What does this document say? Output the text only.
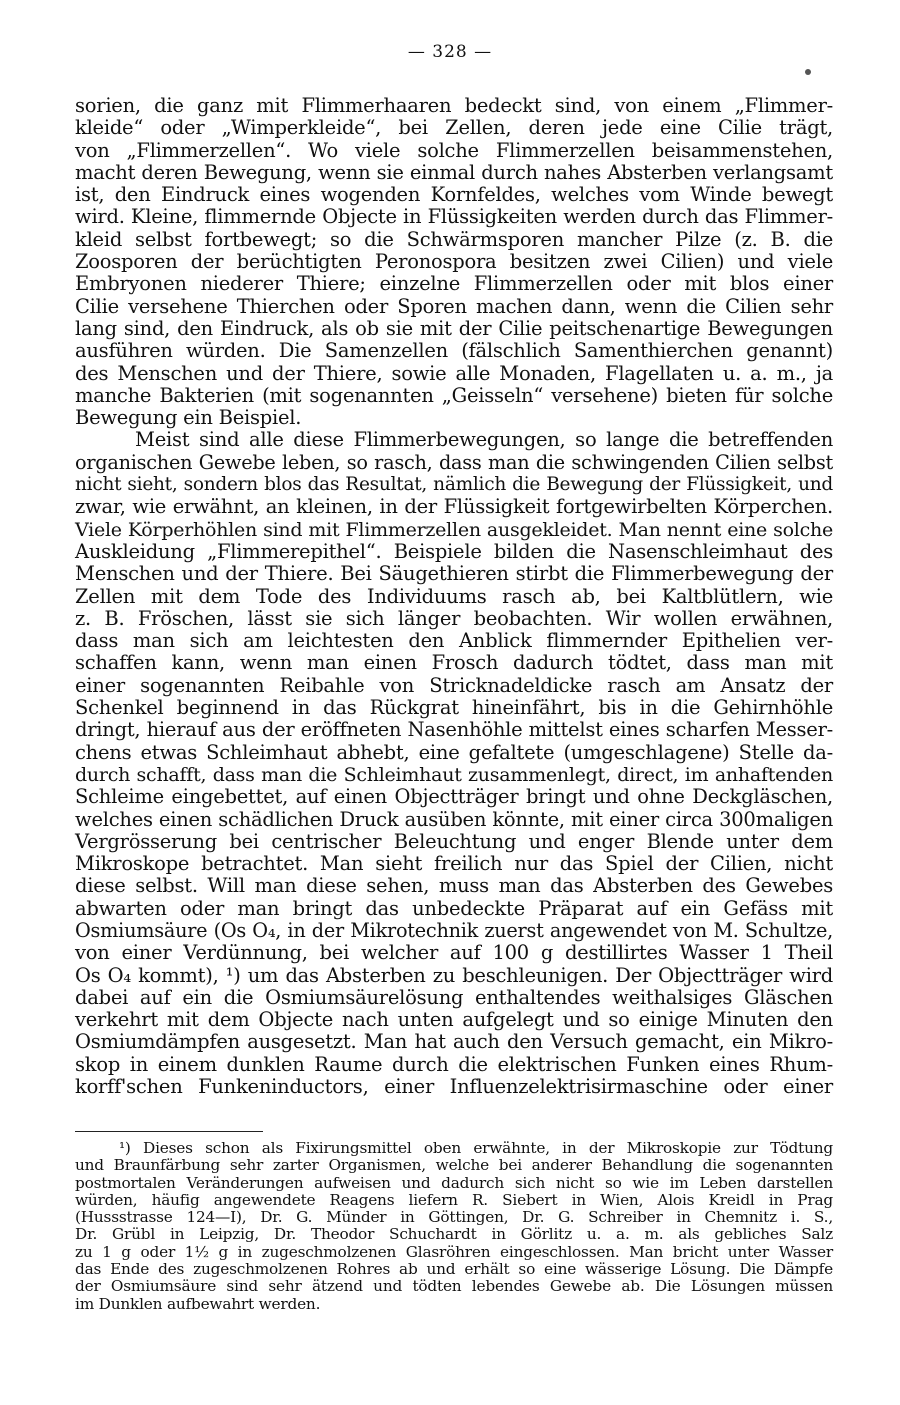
— 328 —
sorien, die ganz mit Flimmerhaaren bedeckt sind, von einem „Flimmer-
kleide“ oder „Wimperkleide“, bei Zellen, deren jede eine Cilie trägt,
von „Flimmerzellen“. Wo viele solche Flimmerzellen beisammenstehen,
macht deren Bewegung, wenn sie einmal durch nahes Absterben verlangsamt
ist, den Eindruck eines wogenden Kornfeldes, welches vom Winde bewegt
wird. Kleine, flimmernde Objecte in Flüssigkeiten werden durch das Flimmer-
kleid selbst fortbewegt; so die Schwärmsporen mancher Pilze (z. B. die
Zoosporen der berüchtigten Peronospora besitzen zwei Cilien) und viele
Embryonen niederer Thiere; einzelne Flimmerzellen oder mit blos einer
Cilie versehene Thierchen oder Sporen machen dann, wenn die Cilien sehr
lang sind, den Eindruck, als ob sie mit der Cilie peitschenartige Bewegungen
ausführen würden. Die Samenzellen (fälschlich Samenthierchen genannt)
des Menschen und der Thiere, sowie alle Monaden, Flagellaten u. a. m., ja
manche Bakterien (mit sogenannten „Geisseln“ versehene) bieten für solche
Bewegung ein Beispiel.
Meist sind alle diese Flimmerbewegungen, so lange die betreffenden
organischen Gewebe leben, so rasch, dass man die schwingenden Cilien selbst
nicht sieht, sondern blos das Resultat, nämlich die Bewegung der Flüssigkeit, und
zwar, wie erwähnt, an kleinen, in der Flüssigkeit fortgewirbelten Körperchen.
Viele Körperhöhlen sind mit Flimmerzellen ausgekleidet. Man nennt eine solche
Auskleidung „Flimmerepithel“. Beispiele bilden die Nasenschleimhaut des
Menschen und der Thiere. Bei Säugethieren stirbt die Flimmerbewegung der
Zellen mit dem Tode des Individuums rasch ab, bei Kaltblütlern, wie
z. B. Fröschen, lässt sie sich länger beobachten. Wir wollen erwähnen,
dass man sich am leichtesten den Anblick flimmernder Epithelien ver-
schaffen kann, wenn man einen Frosch dadurch tödtet, dass man mit
einer sogenannten Reibahle von Stricknadeldicke rasch am Ansatz der
Schenkel beginnend in das Rückgrat hineinfährt, bis in die Gehirnhöhle
dringt, hierauf aus der eröffneten Nasenhöhle mittelst eines scharfen Messer-
chens etwas Schleimhaut abhebt, eine gefaltete (umgeschlagene) Stelle da-
durch schafft, dass man die Schleimhaut zusammenlegt, direct, im anhaftenden
Schleime eingebettet, auf einen Objectträger bringt und ohne Deckgläschen,
welches einen schädlichen Druck ausüben könnte, mit einer circa 300maligen
Vergrösserung bei centrischer Beleuchtung und enger Blende unter dem
Mikroskope betrachtet. Man sieht freilich nur das Spiel der Cilien, nicht
diese selbst. Will man diese sehen, muss man das Absterben des Gewebes
abwarten oder man bringt das unbedeckte Präparat auf ein Gefäss mit
Osmiumsäure (Os O₄, in der Mikrotechnik zuerst angewendet von M. Schultze,
von einer Verdünnung, bei welcher auf 100 g destillirtes Wasser 1 Theil
Os O₄ kommt), ¹) um das Absterben zu beschleunigen. Der Objectträger wird
dabei auf ein die Osmiumsäurelösung enthaltendes weithalsiges Gläschen
verkehrt mit dem Objecte nach unten aufgelegt und so einige Minuten den
Osmiumdämpfen ausgesetzt. Man hat auch den Versuch gemacht, ein Mikro-
skop in einem dunklen Raume durch die elektrischen Funken eines Rhum-
korff'schen Funkeninductors, einer Influenzelektrisirmaschine oder einer
¹) Dieses schon als Fixirungsmittel oben erwähnte, in der Mikroskopie zur Tödtung
und Braunfärbung sehr zarter Organismen, welche bei anderer Behandlung die sogenannten
postmortalen Veränderungen aufweisen und dadurch sich nicht so wie im Leben darstellen
würden, häufig angewendete Reagens liefern R. Siebert in Wien, Alois Kreidl in Prag
(Hussstrasse 124—I), Dr. G. Münder in Göttingen, Dr. G. Schreiber in Chemnitz i. S.,
Dr. Grübl in Leipzig, Dr. Theodor Schuchardt in Görlitz u. a. m. als gebliches Salz
zu 1 g oder 1½ g in zugeschmolzenen Glasröhren eingeschlossen. Man bricht unter Wasser
das Ende des zugeschmolzenen Rohres ab und erhält so eine wässerige Lösung. Die Dämpfe
der Osmiumsäure sind sehr ätzend und tödten lebendes Gewebe ab. Die Lösungen müssen
im Dunklen aufbewahrt werden.
